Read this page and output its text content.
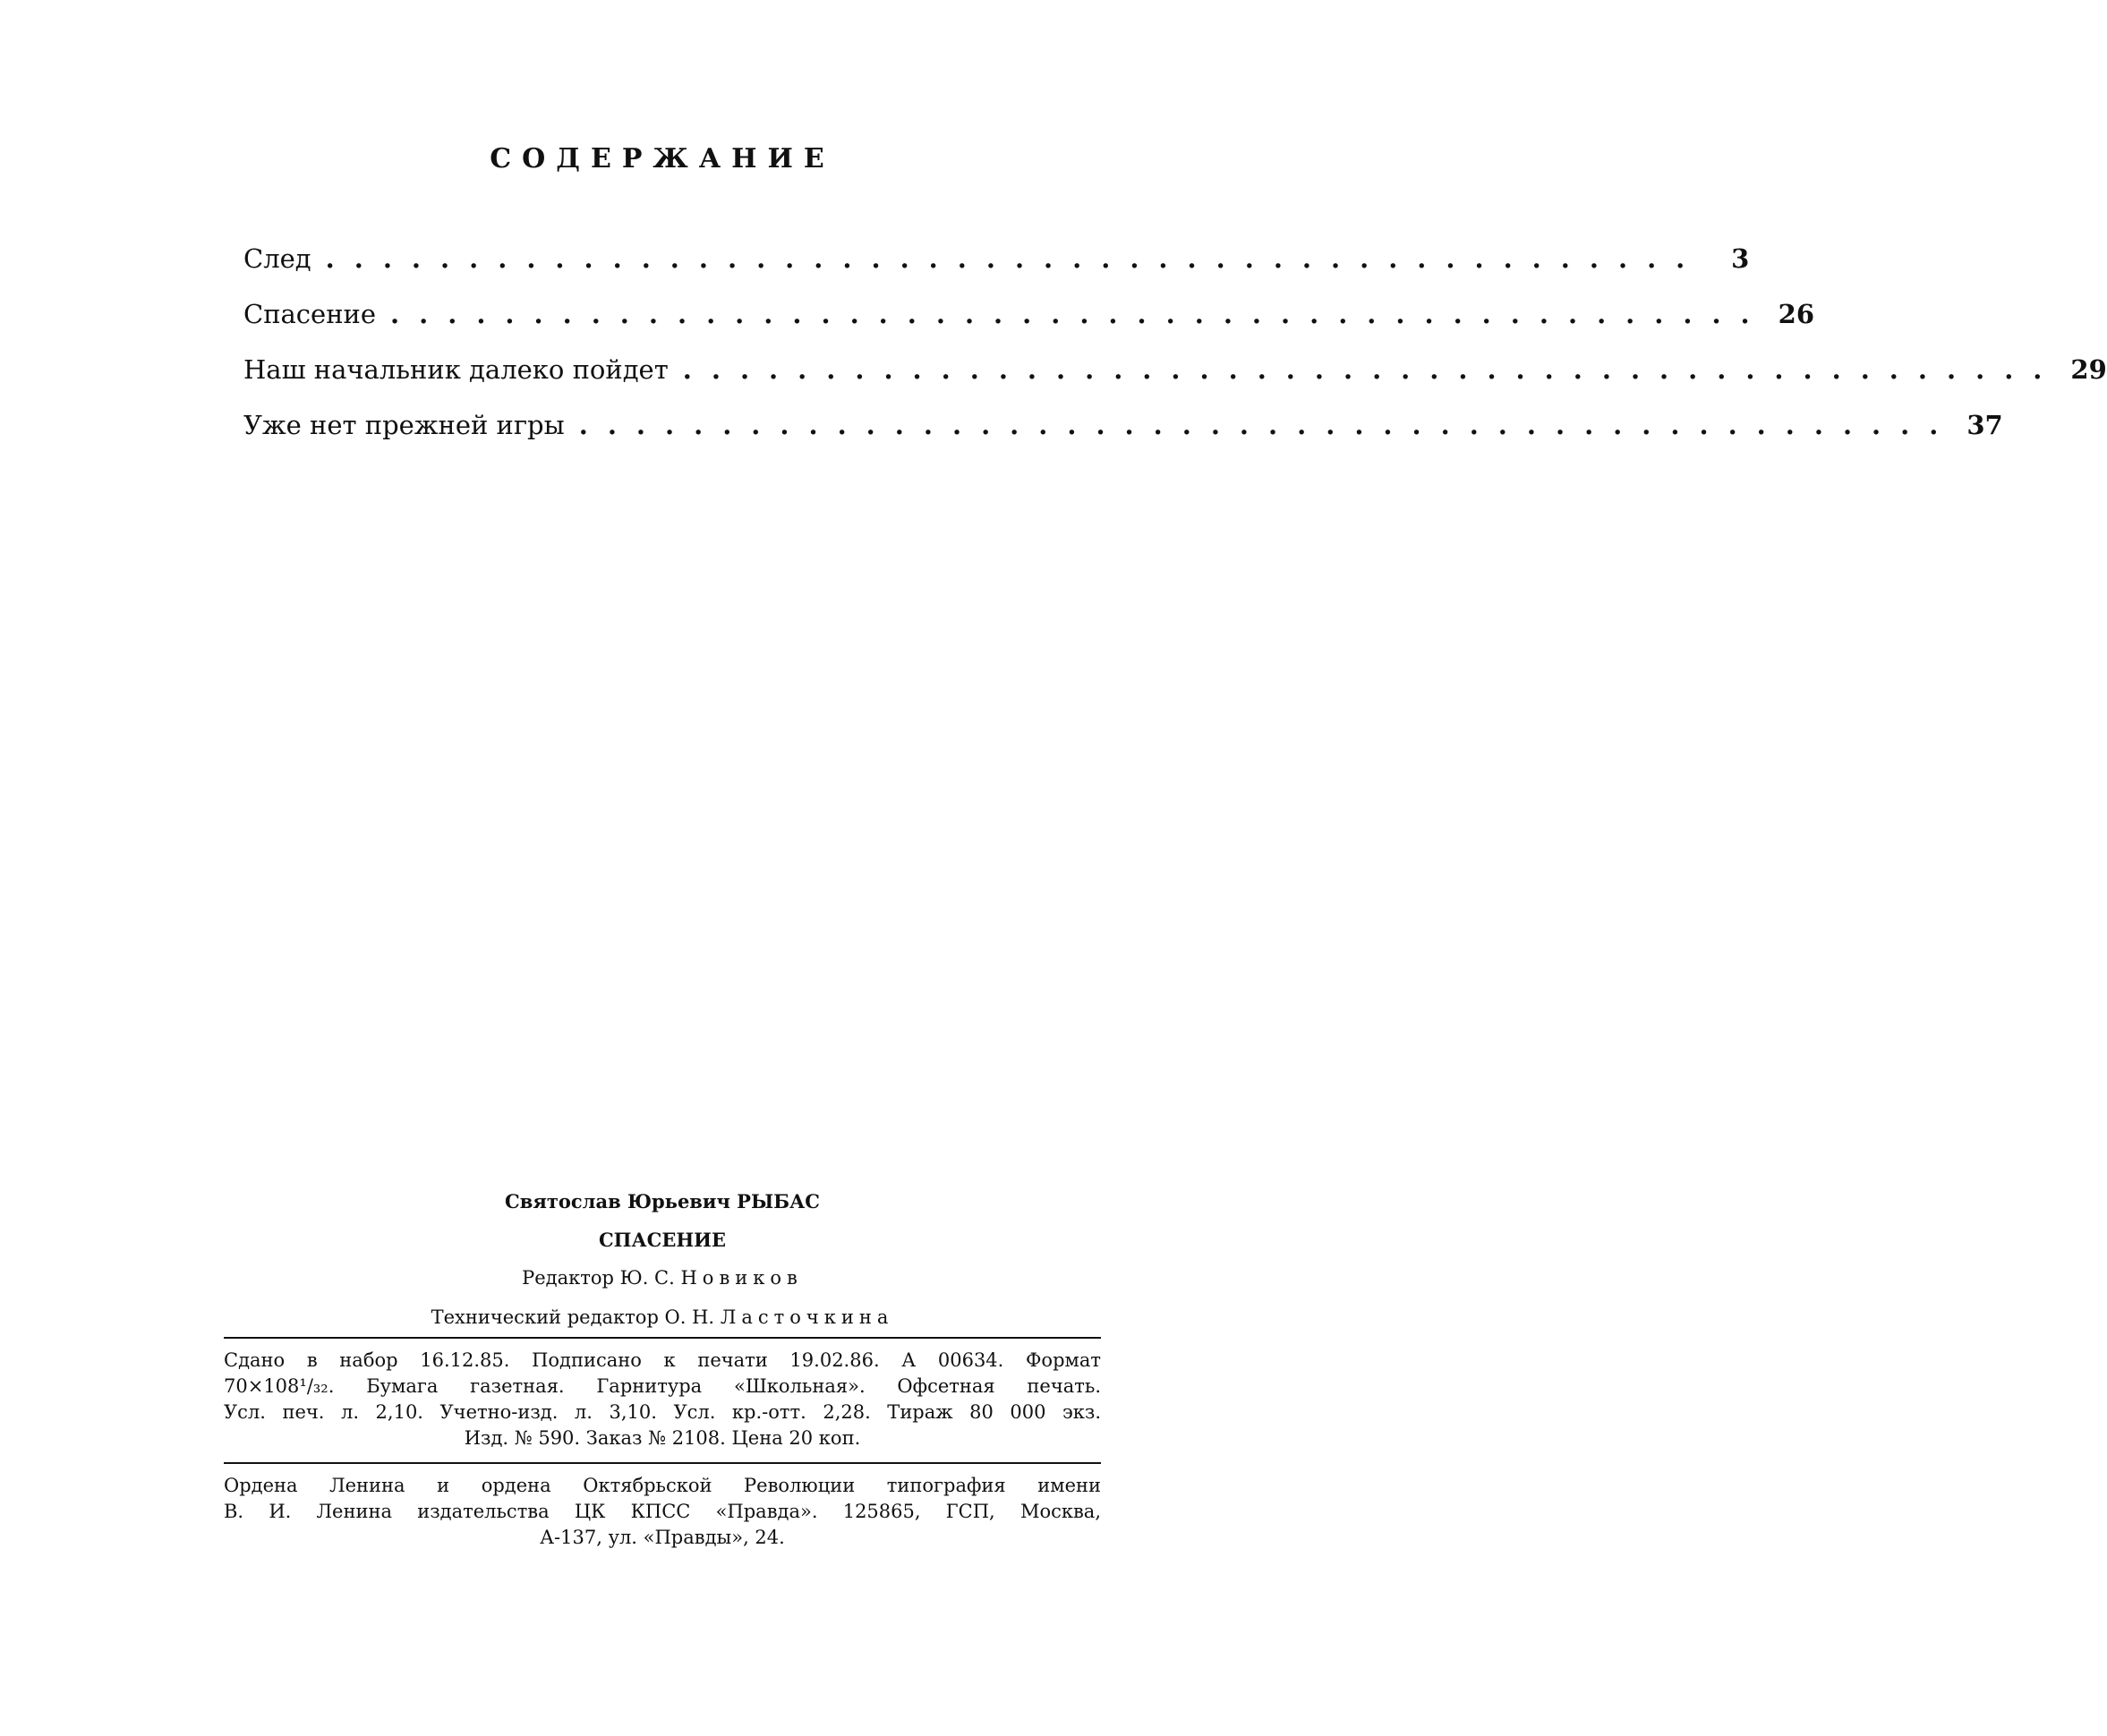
СОДЕРЖАНИЕ
След ................................................	3
Спасение ................................................ 26
Наш начальник далеко пойдет ................................................ 29
Уже нет прежней игры ................................................ 37
Святослав Юрьевич РЫБАС
СПАСЕНИЕ
Редактор Ю. С. Новиков
Технический редактор О. Н. Ласточкина
Сдано в набор 16.12.85. Подписано к печати 19.02.86. А 00634. Формат
70×108¹/₃₂. Бумага газетная. Гарнитура «Школьная». Офсетная печать.
Усл. печ. л. 2,10. Учетно-изд. л. 3,10. Усл. кр.-отт. 2,28. Тираж 80 000 экз.
Изд. № 590. Заказ № 2108. Цена 20 коп.
Ордена Ленина и ордена Октябрьской Революции типография имени
В. И. Ленина издательства ЦК КПСС «Правда». 125865, ГСП, Москва,
А-137, ул. «Правды», 24.
